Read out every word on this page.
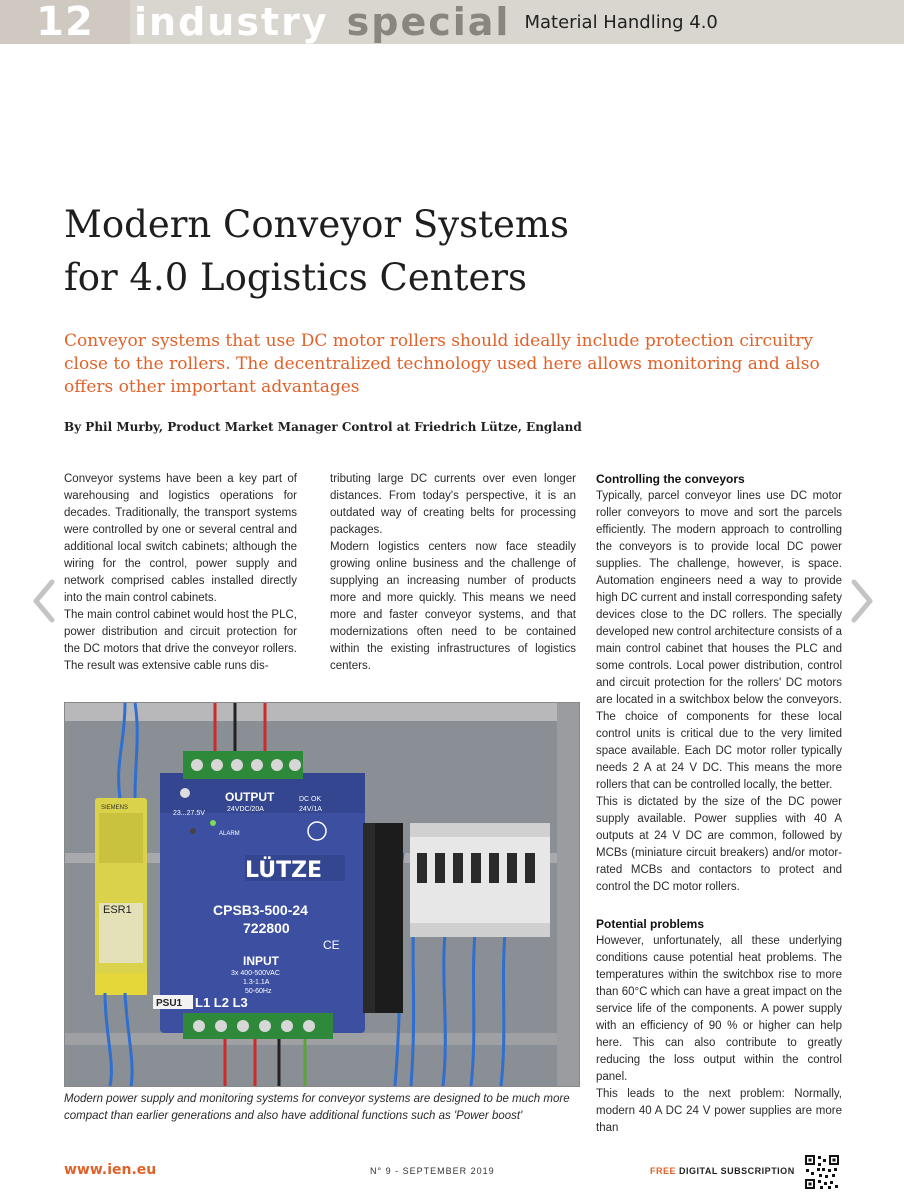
12	industry special Material Handling 4.0
Modern Conveyor Systems
for 4.0 Logistics Centers
Conveyor systems that use DC motor rollers should ideally include protection circuitry close to the rollers. The decentralized technology used here allows monitoring and also offers other important advantages
By Phil Murby, Product Market Manager Control at Friedrich Lütze, England

Conveyor systems have been a key part of warehousing and logistics operations for decades. Traditionally, the transport systems were controlled by one or several central and additional local switch cabinets; although the wiring for the control, power supply and network comprised cables installed directly into the main control cabinets.

The main control cabinet would host the PLC, power distribution and circuit protection for the DC motors that drive the conveyor rollers. The result was extensive cable runs dis-

tributing large DC currents over even longer distances. From today's perspective, it is an outdated way of creating belts for processing packages.

Modern logistics centers now face steadily growing online business and the challenge of supplying an increasing number of products more and more quickly. This means we need more and faster conveyor systems, and that modernizations often need to be contained within the existing infrastructures of logistics centers.

Controlling the conveyors

Typically, parcel conveyor lines use DC motor roller conveyors to move and sort the parcels efficiently. The modern approach to controlling the conveyors is to provide local DC power supplies. The challenge, however, is space. Automation engineers need a way to provide high DC current and install corresponding safety devices close to the DC rollers. The specially developed new control architecture consists of a main control cabinet that houses the PLC and some controls. Local power distribution, control and circuit protection for the rollers' DC motors are located in a switchbox below the conveyors. The choice of components for these local control units is critical due to the very limited space available. Each DC motor roller typically needs 2 A at 24 V DC. This means the more rollers that can be controlled locally, the better.

This is dictated by the size of the DC power supply available. Power supplies with 40 A outputs at 24 V DC are common, followed by MCBs (miniature circuit breakers) and/or motor-rated MCBs and contactors to protect and control the DC motor rollers.

Potential problems

However, unfortunately, all these underlying conditions cause potential heat problems. The temperatures within the switchbox rise to more than 60°C which can have a great impact on the service life of the components. A power supply with an efficiency of 90 % or higher can help here. This can also contribute to greatly reducing the loss output within the control panel.

This leads to the next problem: Normally, modern 40 A DC 24 V power supplies are more than

SIEMENS
ESR1
23...27.5V
OUTPUT
24VDC/20A
DC OK
24V/1A
ALARM
LÜTZE
CPSB3-500-24
722800
CE
INPUT
3x 400-500VAC
1.3-1.1A
50-60Hz
PSU1 L1 L2 L3
Modern power supply and monitoring systems for conveyor systems are designed to be much more compact than earlier generations and also have additional functions such as 'Power boost'
www.ien.eu	N° 9 - SEPTEMBER 2019	FREE DIGITAL SUBSCRIPTION
